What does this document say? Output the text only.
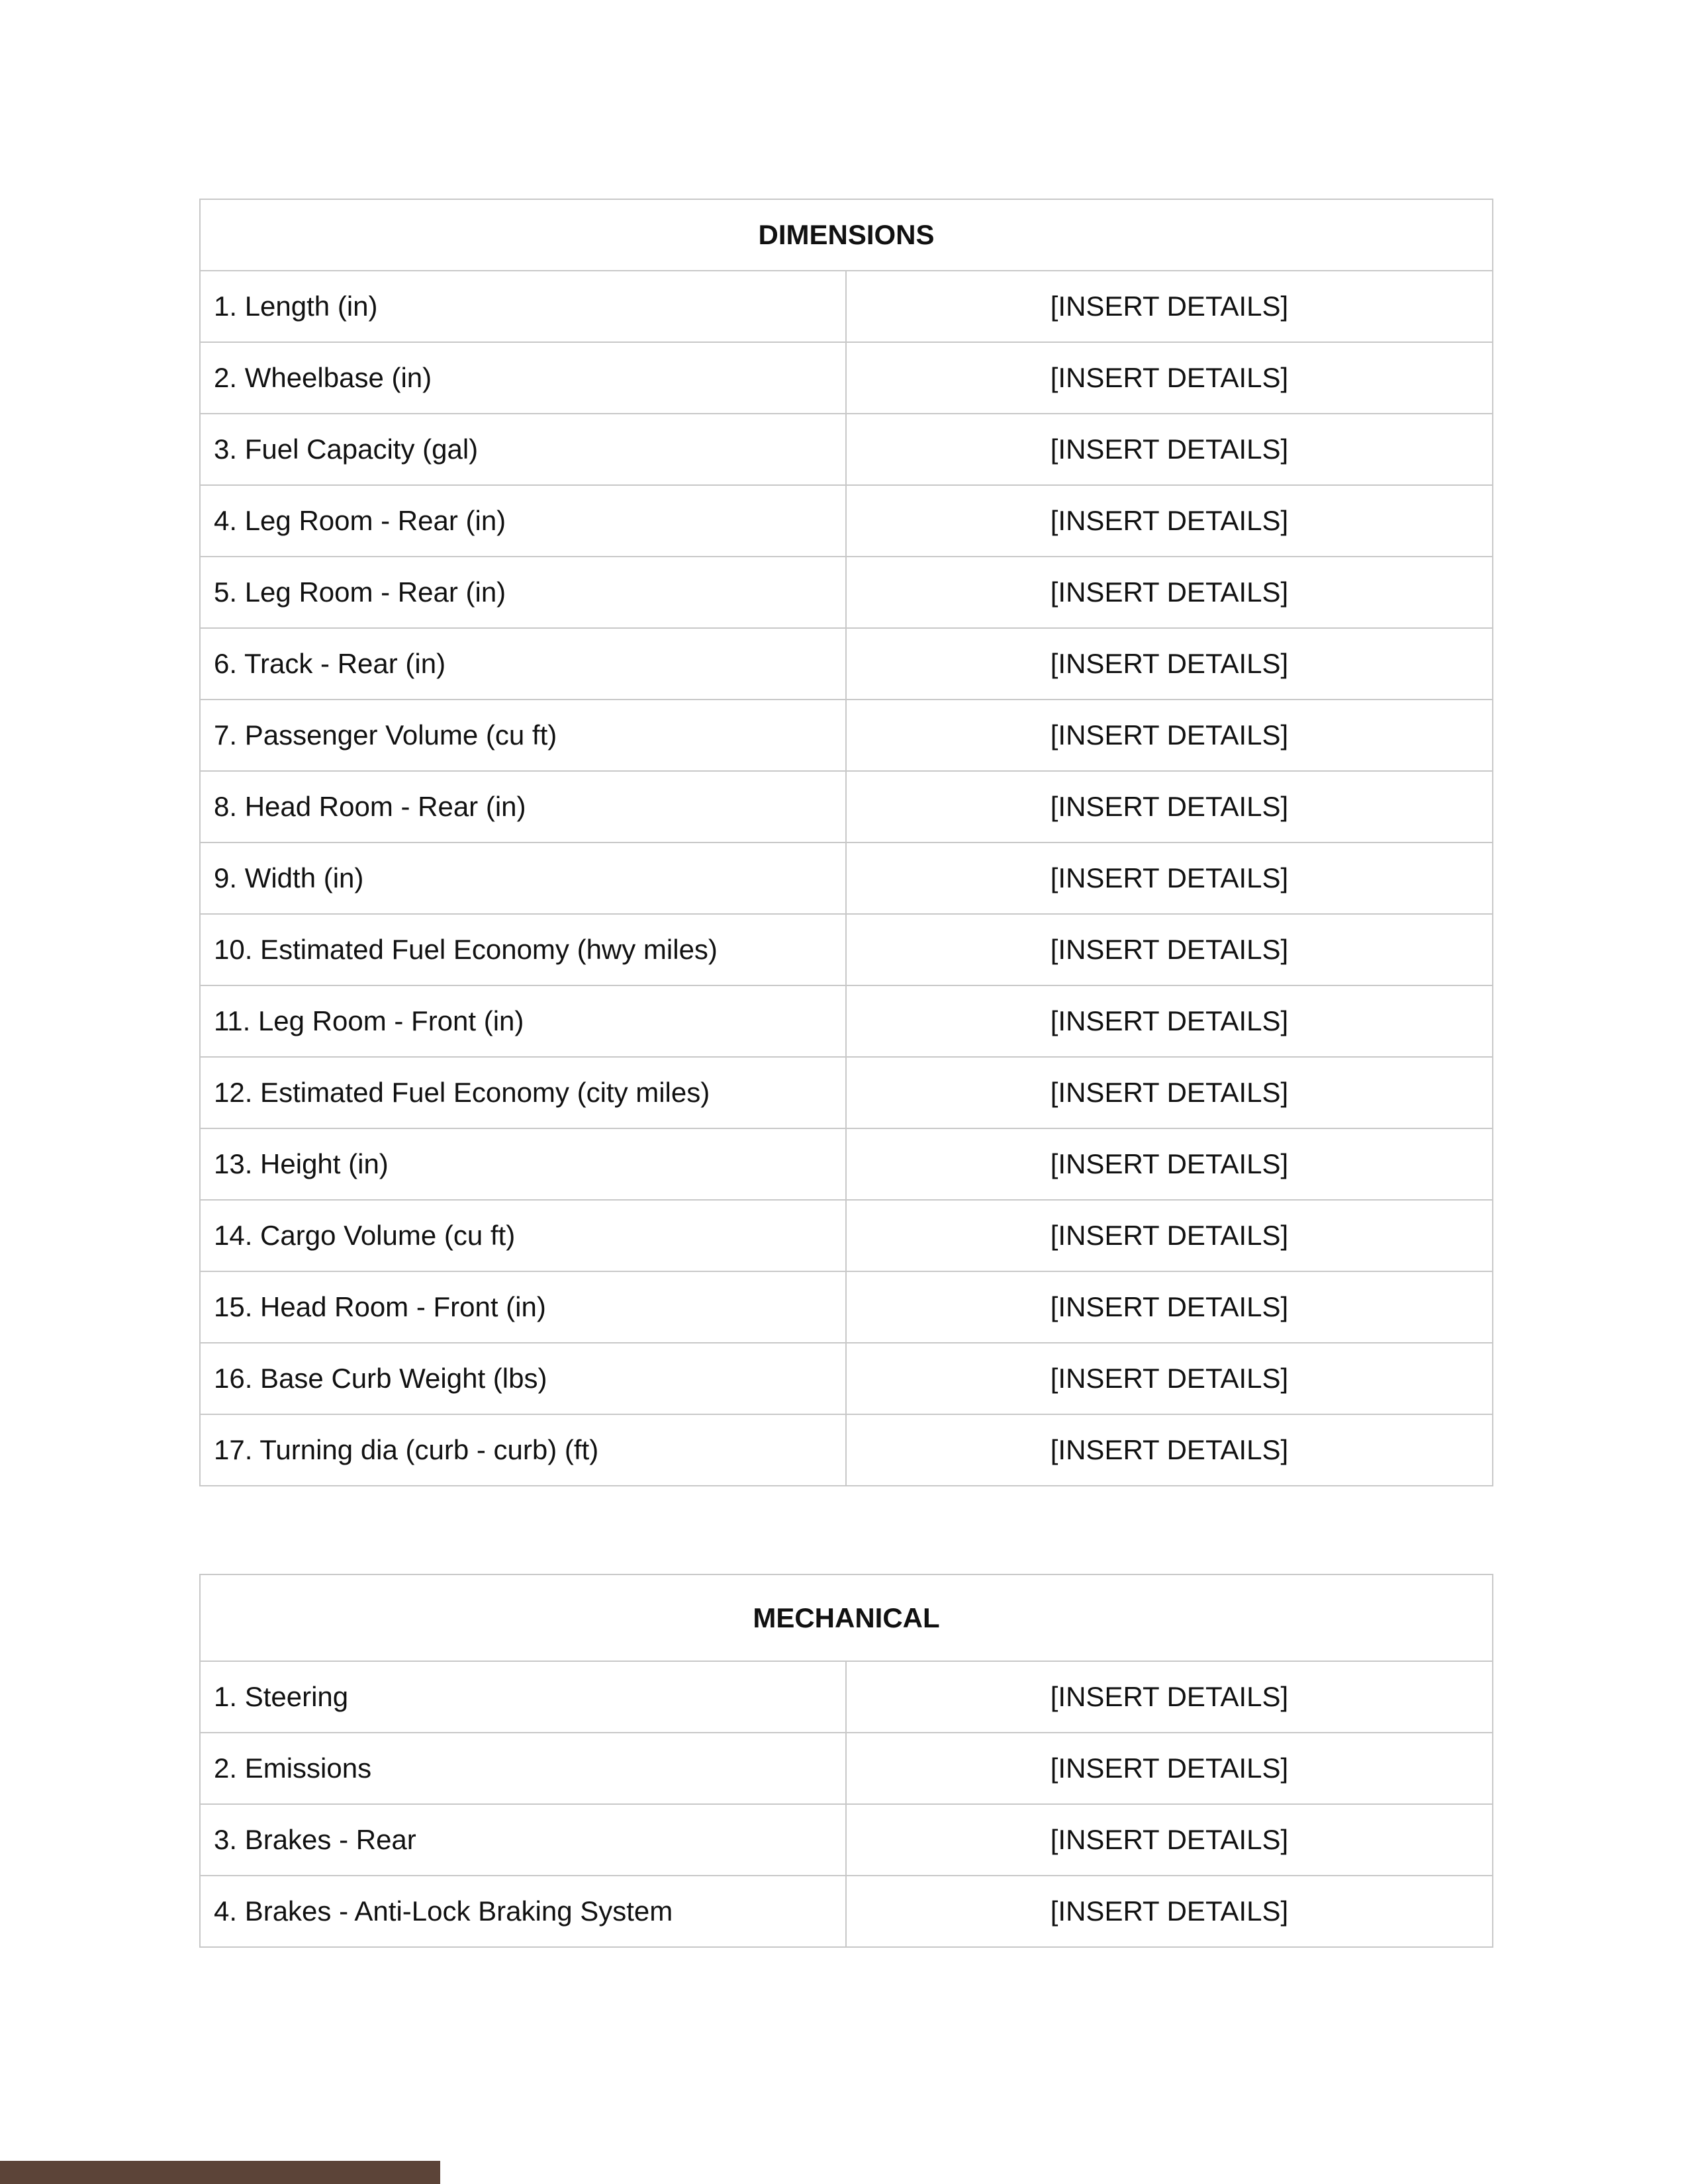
DIMENSIONS	
1. Length (in)	[INSERT DETAILS]
2. Wheelbase (in)	[INSERT DETAILS]
3. Fuel Capacity (gal)	[INSERT DETAILS]
4. Leg Room - Rear (in)	[INSERT DETAILS]
5. Leg Room - Rear (in)	[INSERT DETAILS]
6. Track - Rear (in)	[INSERT DETAILS]
7. Passenger Volume (cu ft)	[INSERT DETAILS]
8. Head Room - Rear (in)	[INSERT DETAILS]
9. Width (in)	[INSERT DETAILS]
10. Estimated Fuel Economy (hwy miles)	[INSERT DETAILS]
11. Leg Room - Front (in)	[INSERT DETAILS]
12. Estimated Fuel Economy (city miles)	[INSERT DETAILS]
13. Height (in)	[INSERT DETAILS]
14. Cargo Volume (cu ft)	[INSERT DETAILS]
15. Head Room - Front (in)	[INSERT DETAILS]
16. Base Curb Weight (lbs)	[INSERT DETAILS]
17. Turning dia (curb - curb) (ft)	[INSERT DETAILS]
MECHANICAL	
1. Steering	[INSERT DETAILS]
2. Emissions	[INSERT DETAILS]
3. Brakes - Rear	[INSERT DETAILS]
4. Brakes - Anti-Lock Braking System	[INSERT DETAILS]
